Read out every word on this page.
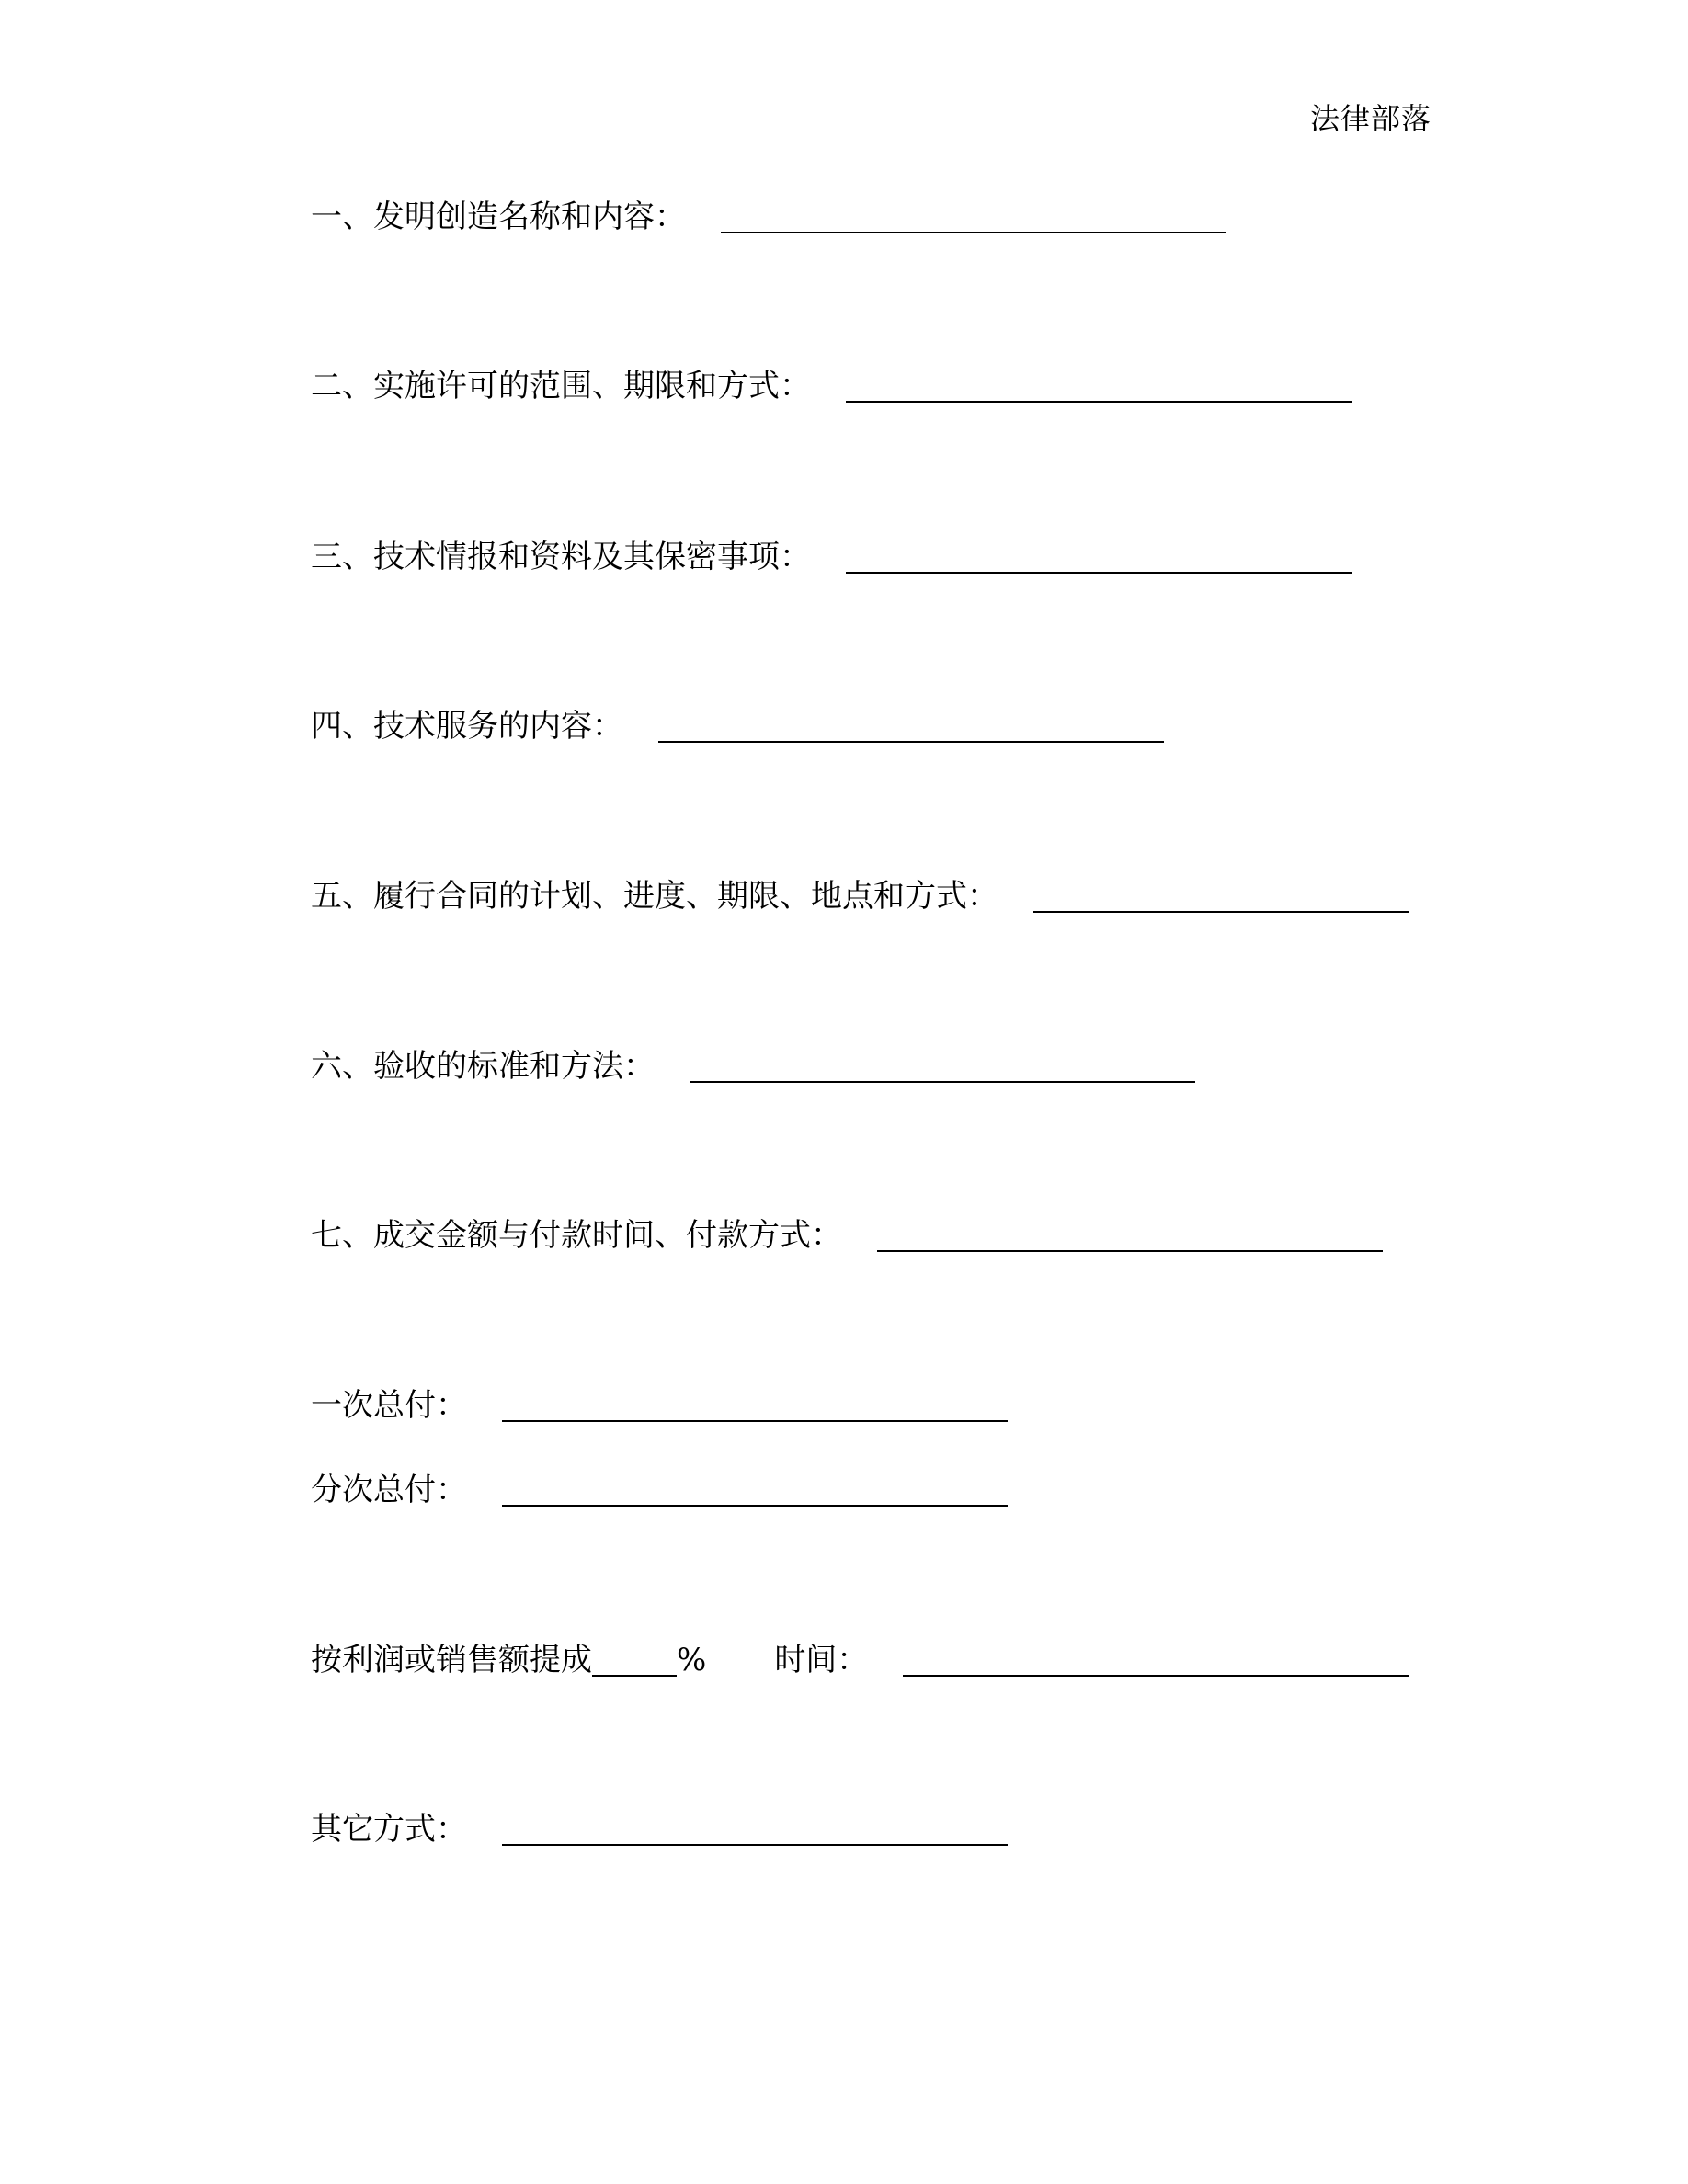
法律部落
一、发明创造名称和内容：
二、实施许可的范围、期限和方式：
三、技术情报和资料及其保密事项：
四、技术服务的内容：
五、履行合同的计划、进度、期限、地点和方式：
六、验收的标准和方法：
七、成交金额与付款时间、付款方式：
一次总付：
分次总付：
按利润或销售额提成	% 时间：
其它方式：
